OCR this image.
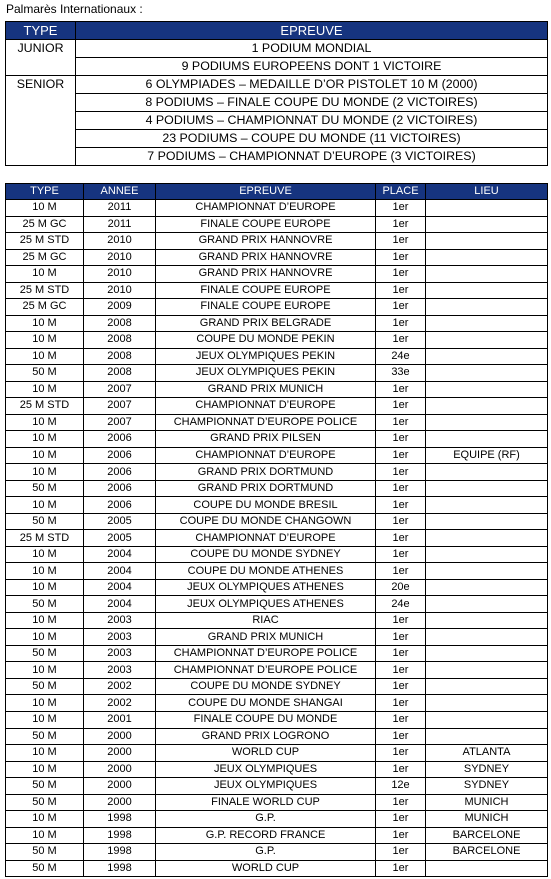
Palmarès Internationaux :
TYPE	EPREUVE
JUNIOR	1 PODIUM MONDIAL
	9 PODIUMS EUROPEENS DONT 1 VICTOIRE
SENIOR	6 OLYMPIADES – MEDAILLE D’OR PISTOLET 10 M (2000)
	8 PODIUMS – FINALE COUPE DU MONDE (2 VICTOIRES)
	4 PODIUMS – CHAMPIONNAT DU MONDE (2 VICTOIRES)
	23 PODIUMS – COUPE DU MONDE (11 VICTOIRES)
	7 PODIUMS – CHAMPIONNAT D’EUROPE (3 VICTOIRES)
TYPE	ANNEE	EPREUVE	PLACE	LIEU
10 M	2011	CHAMPIONNAT D’EUROPE	1er	
25 M GC	2011	FINALE COUPE EUROPE	1er	
25 M STD	2010	GRAND PRIX HANNOVRE	1er	
25 M GC	2010	GRAND PRIX HANNOVRE	1er	
10 M	2010	GRAND PRIX HANNOVRE	1er	
25 M STD	2010	FINALE COUPE EUROPE	1er	
25 M GC	2009	FINALE COUPE EUROPE	1er	
10 M	2008	GRAND PRIX BELGRADE	1er	
10 M	2008	COUPE DU MONDE PEKIN	1er	
10 M	2008	JEUX OLYMPIQUES PEKIN	24e	
50 M	2008	JEUX OLYMPIQUES PEKIN	33e	
10 M	2007	GRAND PRIX MUNICH	1er	
25 M STD	2007	CHAMPIONNAT D’EUROPE	1er	
10 M	2007	CHAMPIONNAT D’EUROPE POLICE	1er	
10 M	2006	GRAND PRIX PILSEN	1er	
10 M	2006	CHAMPIONNAT D’EUROPE	1er	EQUIPE (RF)
10 M	2006	GRAND PRIX DORTMUND	1er	
50 M	2006	GRAND PRIX DORTMUND	1er	
10 M	2006	COUPE DU MONDE BRESIL	1er	
50 M	2005	COUPE DU MONDE CHANGOWN	1er	
25 M STD	2005	CHAMPIONNAT D’EUROPE	1er	
10 M	2004	COUPE DU MONDE SYDNEY	1er	
10 M	2004	COUPE DU MONDE ATHENES	1er	
10 M	2004	JEUX OLYMPIQUES ATHENES	20e	
50 M	2004	JEUX OLYMPIQUES ATHENES	24e	
10 M	2003	RIAC	1er	
10 M	2003	GRAND PRIX MUNICH	1er	
50 M	2003	CHAMPIONNAT D’EUROPE POLICE	1er	
10 M	2003	CHAMPIONNAT D’EUROPE POLICE	1er	
50 M	2002	COUPE DU MONDE SYDNEY	1er	
10 M	2002	COUPE DU MONDE SHANGAI	1er	
10 M	2001	FINALE COUPE DU MONDE	1er	
50 M	2000	GRAND PRIX LOGRONO	1er	
10 M	2000	WORLD CUP	1er	ATLANTA
10 M	2000	JEUX OLYMPIQUES	1er	SYDNEY
50 M	2000	JEUX OLYMPIQUES	12e	SYDNEY
50 M	2000	FINALE WORLD CUP	1er	MUNICH
10 M	1998	G.P.	1er	MUNICH
10 M	1998	G.P. RECORD FRANCE	1er	BARCELONE
50 M	1998	G.P.	1er	BARCELONE
50 M	1998	WORLD CUP	1er	
